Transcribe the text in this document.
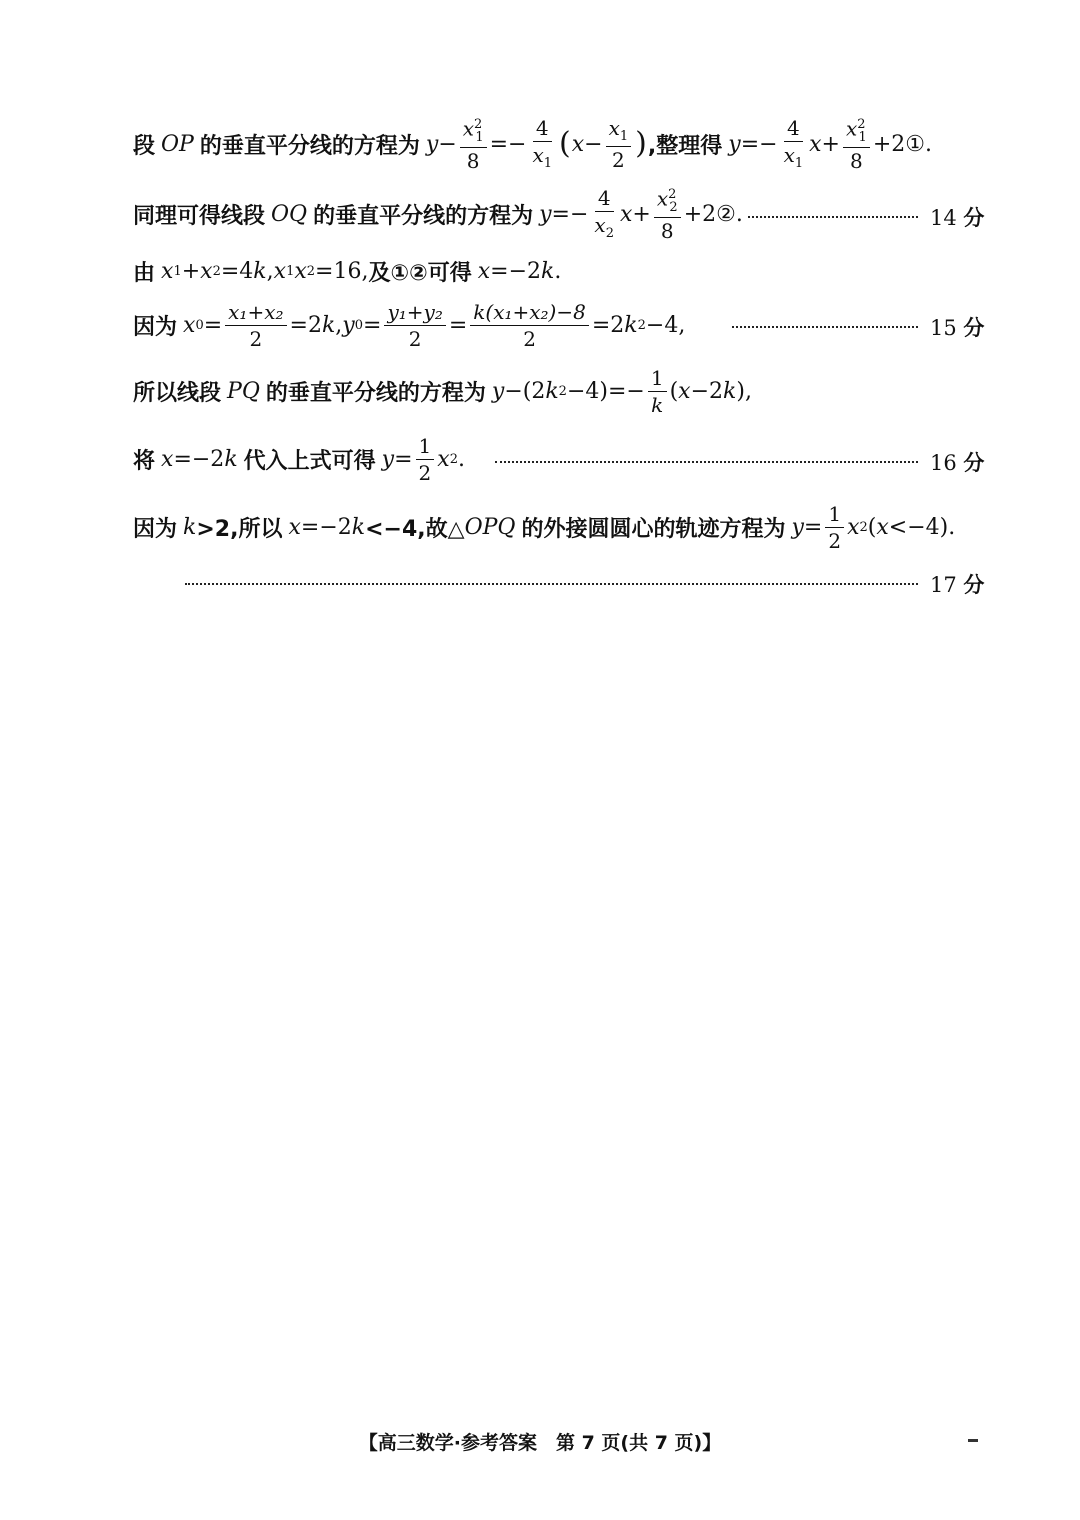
段 OP 的垂直平分线的方程为 $y - \frac{x^2_1}{8} =- \frac{4}{x_1}$ ( $x - \frac{x_1}{2}$ ) ,整理得 $y =- \frac{4}{x_1}$ $x + \frac{x^2_1}{8}$ +2①.
同理可得线段 OQ 的垂直平分线的方程为 $y =- \frac{4}{x_2}$ $x + \frac{x^2_2}{8}$ +2②.	14 分
由 x 1 + x 2 =4 k , x 1 x 2 =16, 及①②可得 x =−2 k .
因为 x $0 = \frac{\text{x₁+x₂}}{2} =2$ k , y $0 = \frac{\text{y₁+y₂}}{2} = \frac{\text{k(x₁+x₂)−8}}{2} =2$ k 2 −4,	15 分
所以线段 PQ 的垂直平分线的方程为 y −(2 k $2 -4)=- \frac{1}{k}$ ( x −2 k ),
将 x =−2 k 代入上式可得 $y = \frac{1}{2}$ x 2 .	16 分
因为 k >2,所以 x =−2 k <−4,故△ OPQ 的外接圆圆心的轨迹方程为 $y = \frac{1}{2}$ x 2 ( x <−4).
17 分
【高三数学·参考答案　第 7 页(共 7 页)】
